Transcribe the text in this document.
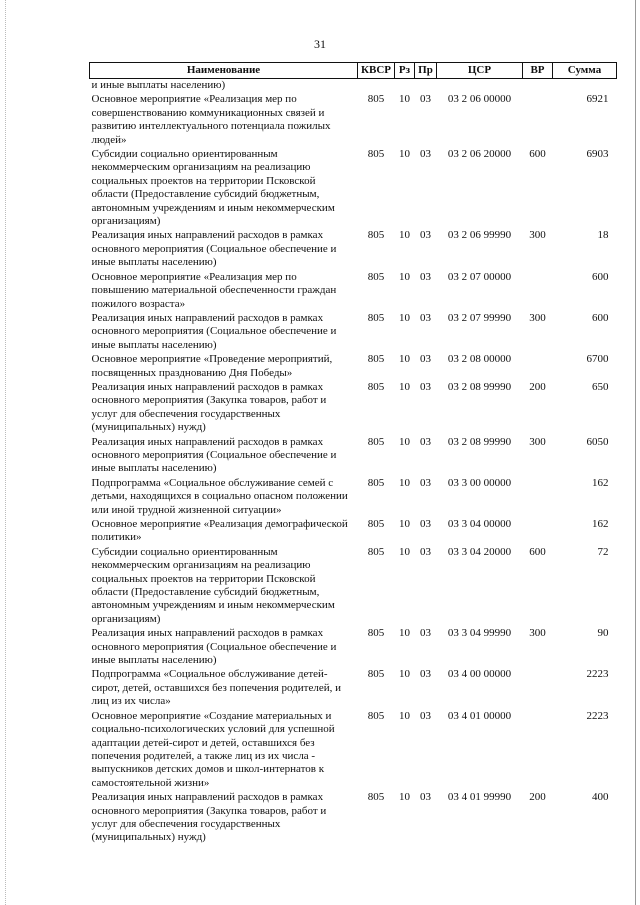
31
Наименование	КВСР	Рз	Пр	ЦСР	ВР	Сумма
и иные выплаты населению)						
Основное мероприятие «Реализация мер по совершенствованию коммуникационных связей и развитию интеллектуального потенциала пожилых людей»	805	10	03	03 2 06 00000		6921
Субсидии социально ориентированным некоммерческим организациям на реализацию социальных проектов на территории Псковской области (Предоставление субсидий бюджетным, автономным учреждениям и иным некоммерческим организациям)	805	10	03	03 2 06 20000	600	6903
Реализация иных направлений расходов в рамках основного мероприятия (Социальное обеспечение и иные выплаты населению)	805	10	03	03 2 06 99990	300	18
Основное мероприятие «Реализация мер по повышению материальной обеспеченности граждан пожилого возраста»	805	10	03	03 2 07 00000		600
Реализация иных направлений расходов в рамках основного мероприятия (Социальное обеспечение и иные выплаты населению)	805	10	03	03 2 07 99990	300	600
Основное мероприятие «Проведение мероприятий, посвященных празднованию Дня Победы»	805	10	03	03 2 08 00000		6700
Реализация иных направлений расходов в рамках основного мероприятия (Закупка товаров, работ и услуг для обеспечения государственных (муниципальных) нужд)	805	10	03	03 2 08 99990	200	650
Реализация иных направлений расходов в рамках основного мероприятия (Социальное обеспечение и иные выплаты населению)	805	10	03	03 2 08 99990	300	6050
Подпрограмма «Социальное обслуживание семей с детьми, находящихся в социально опасном положении или иной трудной жизненной ситуации»	805	10	03	03 3 00 00000		162
Основное мероприятие «Реализация демографической политики»	805	10	03	03 3 04 00000		162
Субсидии социально ориентированным некоммерческим организациям на реализацию социальных проектов на территории Псковской области (Предоставление субсидий бюджетным, автономным учреждениям и иным некоммерческим организациям)	805	10	03	03 3 04 20000	600	72
Реализация иных направлений расходов в рамках основного мероприятия (Социальное обеспечение и иные выплаты населению)	805	10	03	03 3 04 99990	300	90
Подпрограмма «Социальное обслуживание детей-сирот, детей, оставшихся без попечения родителей, и лиц из их числа»	805	10	03	03 4 00 00000		2223
Основное мероприятие «Создание материальных и социально-психологических условий для успешной адаптации детей-сирот и детей, оставшихся без попечения родителей, а также лиц из их числа - выпускников детских домов и школ-интернатов к самостоятельной жизни»	805	10	03	03 4 01 00000		2223
Реализация иных направлений расходов в рамках основного мероприятия (Закупка товаров, работ и услуг для обеспечения государственных (муниципальных) нужд)	805	10	03	03 4 01 99990	200	400
